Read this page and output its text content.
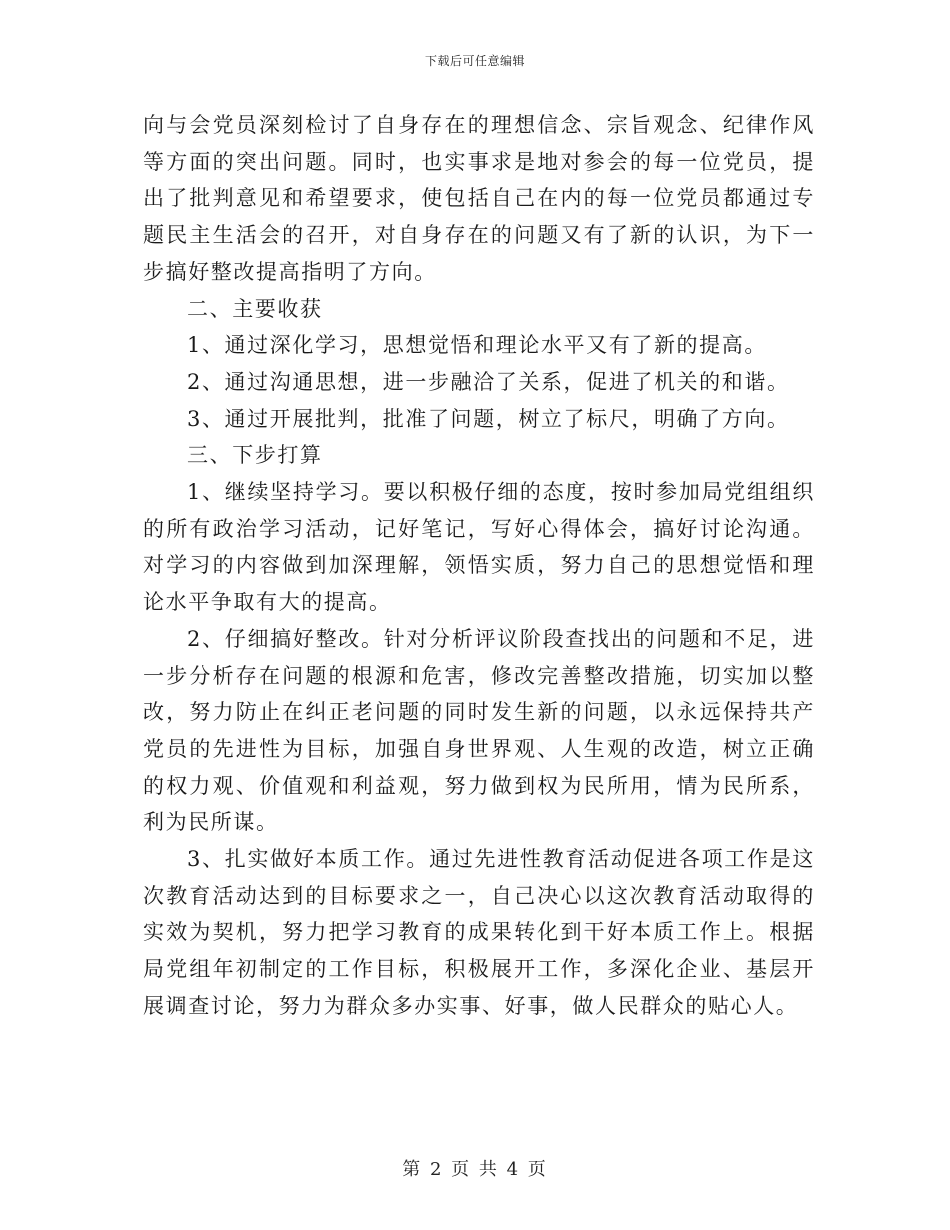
下载后可任意编辑

向与会党员深刻检讨了自身存在的理想信念、宗旨观念、纪律作风等方面的突出问题。同时，也实事求是地对参会的每一位党员，提出了批判意见和希望要求，使包括自己在内的每一位党员都通过专题民主生活会的召开，对自身存在的问题又有了新的认识，为下一步搞好整改提高指明了方向。

二、主要收获

1、通过深化学习，思想觉悟和理论水平又有了新的提高。

2、通过沟通思想，进一步融洽了关系，促进了机关的和谐。

3、通过开展批判，批准了问题，树立了标尺，明确了方向。

三、下步打算

1、继续坚持学习。要以积极仔细的态度，按时参加局党组组织的所有政治学习活动，记好笔记，写好心得体会，搞好讨论沟通。对学习的内容做到加深理解，领悟实质，努力自己的思想觉悟和理论水平争取有大的提高。

2、仔细搞好整改。针对分析评议阶段查找出的问题和不足，进一步分析存在问题的根源和危害，修改完善整改措施，切实加以整改，努力防止在纠正老问题的同时发生新的问题，以永远保持共产党员的先进性为目标，加强自身世界观、人生观的改造，树立正确的权力观、价值观和利益观，努力做到权为民所用，情为民所系，利为民所谋。

3、扎实做好本质工作。通过先进性教育活动促进各项工作是这次教育活动达到的目标要求之一，自己决心以这次教育活动取得的实效为契机，努力把学习教育的成果转化到干好本质工作上。根据局党组年初制定的工作目标，积极展开工作，多深化企业、基层开展调查讨论，努力为群众多办实事、好事，做人民群众的贴心人。

第 2 页 共 4 页
